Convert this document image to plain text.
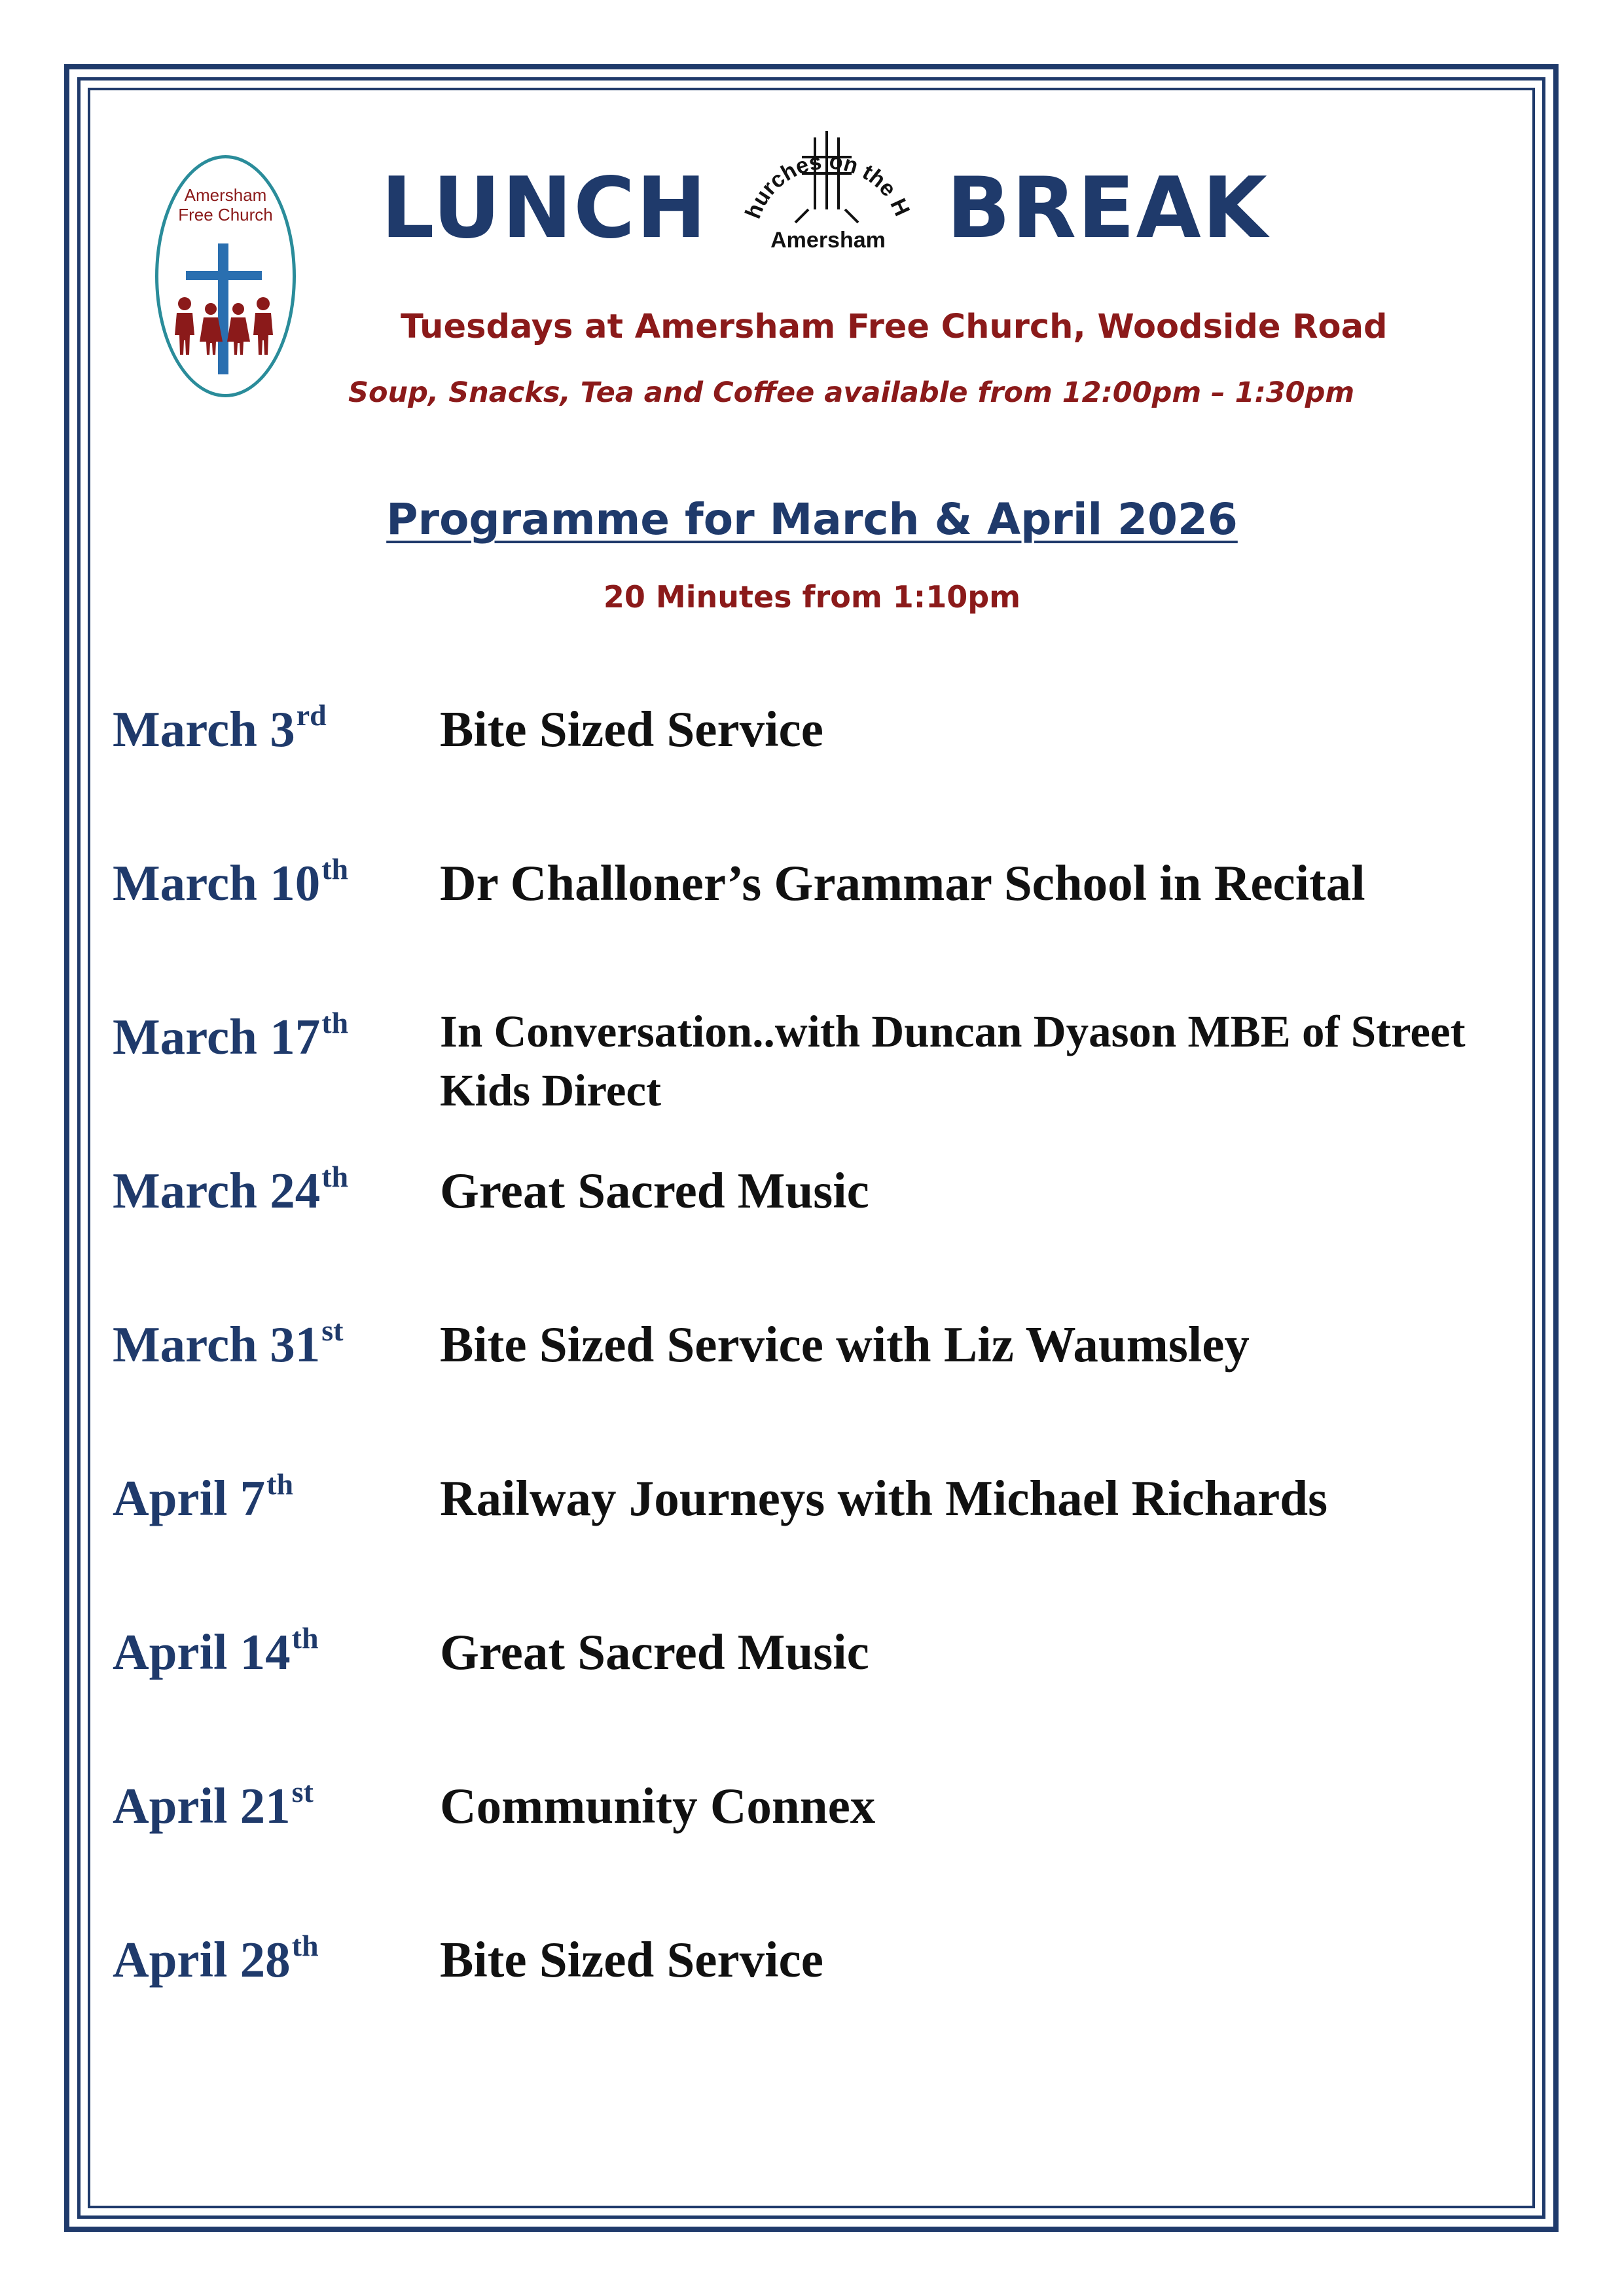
Amersham
Free Church LUNCH	hurches on the H
Amersham BREAK
Tuesdays at Amersham Free Church, Woodside Road
Soup, Snacks, Tea and Coffee available from 12:00pm – 1:30pm
Programme for March & April 2026
20 Minutes from 1:10pm
March 3rd Bite Sized Service
March 10th Dr Challoner’s Grammar School in Recital
March 17th In Conversation..with Duncan Dyason MBE of Street Kids Direct
March 24th Great Sacred Music
March 31st Bite Sized Service with Liz Waumsley
April 7th	Railway Journeys with Michael Richards
April 14th Great Sacred Music
April 21st	Community Connex
April 28th Bite Sized Service
